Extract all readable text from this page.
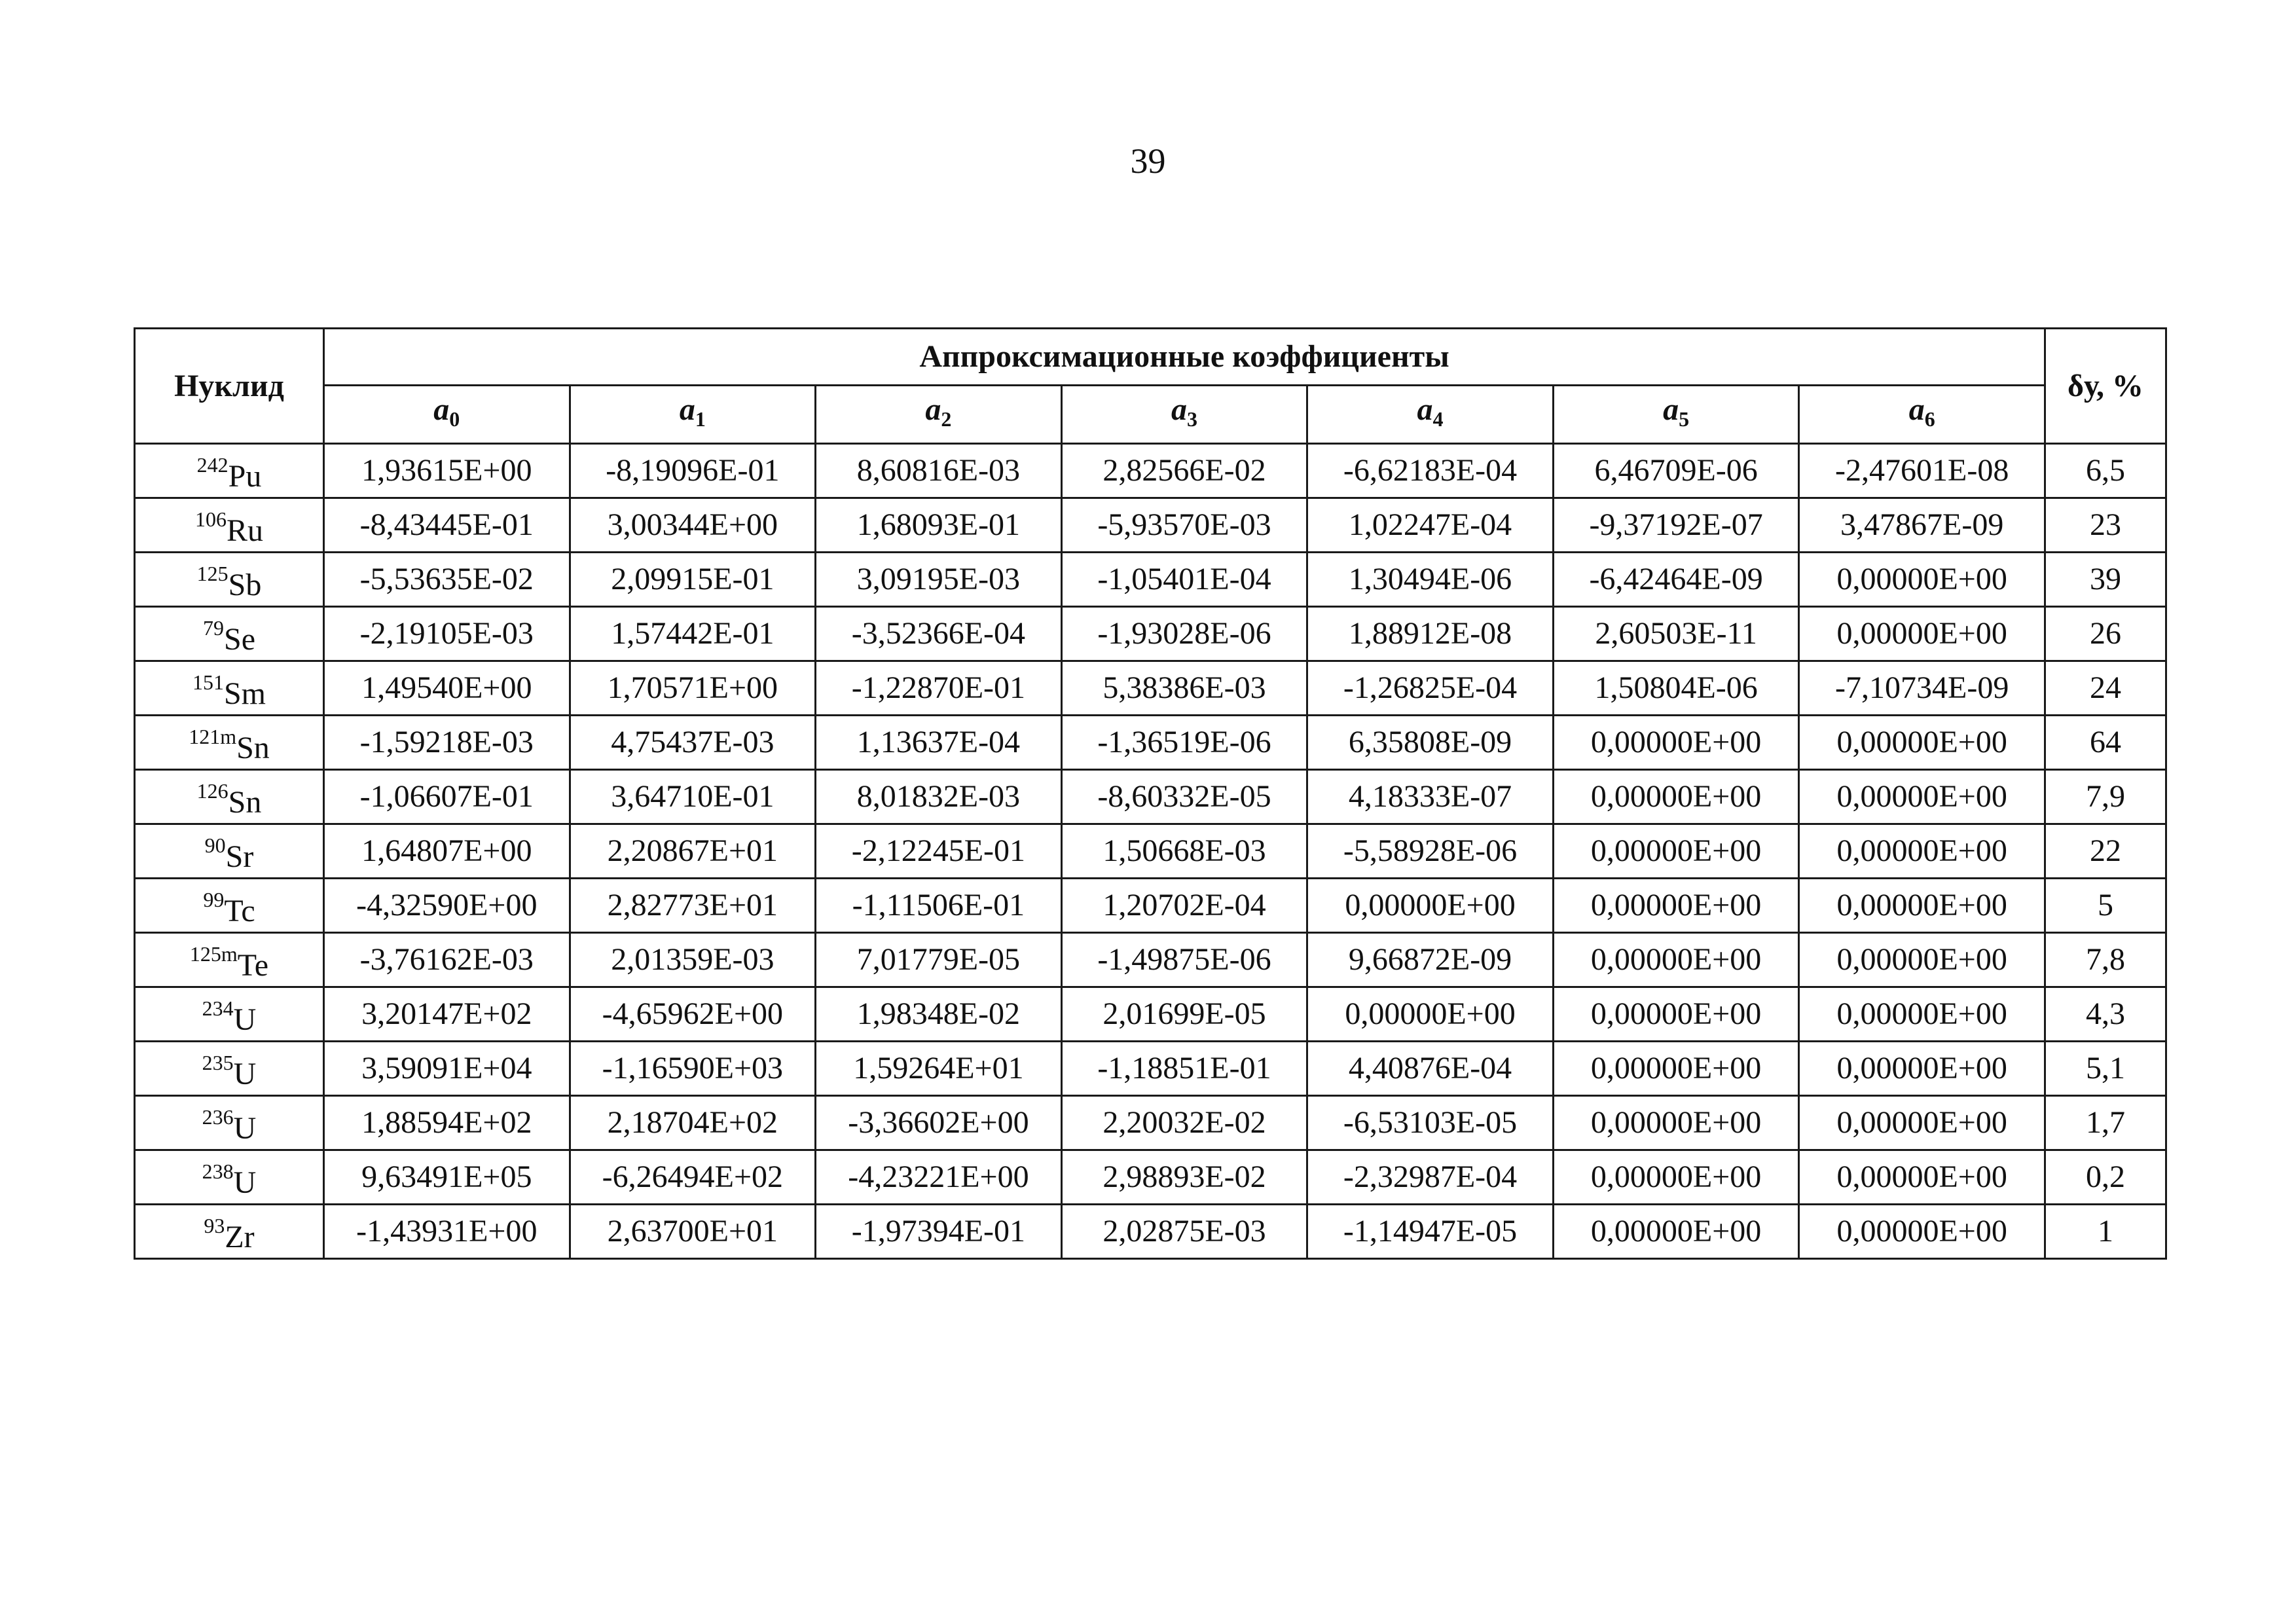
39
Нуклид	Аппроксимационные коэффициенты							δу, %
	$a_0$	$a_1$	$a_2$	$a_3$	$a_4$	$a_5$	$a_6$
$^{242}$Pu	1,93615E+00	-8,19096E-01	8,60816E-03	2,82566E-02	-6,62183E-04	6,46709E-06	-2,47601E-08	6,5
$^{106}$Ru	-8,43445E-01	3,00344E+00	1,68093E-01	-5,93570E-03	1,02247E-04	-9,37192E-07	3,47867E-09	23
$^{125}$Sb	-5,53635E-02	2,09915E-01	3,09195E-03	-1,05401E-04	1,30494E-06	-6,42464E-09	0,00000E+00	39
$^{79}$Se	-2,19105E-03	1,57442E-01	-3,52366E-04	-1,93028E-06	1,88912E-08	2,60503E-11	0,00000E+00	26
$^{151}$Sm	1,49540E+00	1,70571E+00	-1,22870E-01	5,38386E-03	-1,26825E-04	1,50804E-06	-7,10734E-09	24
$^{121m}$Sn	-1,59218E-03	4,75437E-03	1,13637E-04	-1,36519E-06	6,35808E-09	0,00000E+00	0,00000E+00	64
$^{126}$Sn	-1,06607E-01	3,64710E-01	8,01832E-03	-8,60332E-05	4,18333E-07	0,00000E+00	0,00000E+00	7,9
$^{90}$Sr	1,64807E+00	2,20867E+01	-2,12245E-01	1,50668E-03	-5,58928E-06	0,00000E+00	0,00000E+00	22
$^{99}$Tc	-4,32590E+00	2,82773E+01	-1,11506E-01	1,20702E-04	0,00000E+00	0,00000E+00	0,00000E+00	5
$^{125m}$Te	-3,76162E-03	2,01359E-03	7,01779E-05	-1,49875E-06	9,66872E-09	0,00000E+00	0,00000E+00	7,8
$^{234}$U	3,20147E+02	-4,65962E+00	1,98348E-02	2,01699E-05	0,00000E+00	0,00000E+00	0,00000E+00	4,3
$^{235}$U	3,59091E+04	-1,16590E+03	1,59264E+01	-1,18851E-01	4,40876E-04	0,00000E+00	0,00000E+00	5,1
$^{236}$U	1,88594E+02	2,18704E+02	-3,36602E+00	2,20032E-02	-6,53103E-05	0,00000E+00	0,00000E+00	1,7
$^{238}$U	9,63491E+05	-6,26494E+02	-4,23221E+00	2,98893E-02	-2,32987E-04	0,00000E+00	0,00000E+00	0,2
$^{93}$Zr	-1,43931E+00	2,63700E+01	-1,97394E-01	2,02875E-03	-1,14947E-05	0,00000E+00	0,00000E+00	1
